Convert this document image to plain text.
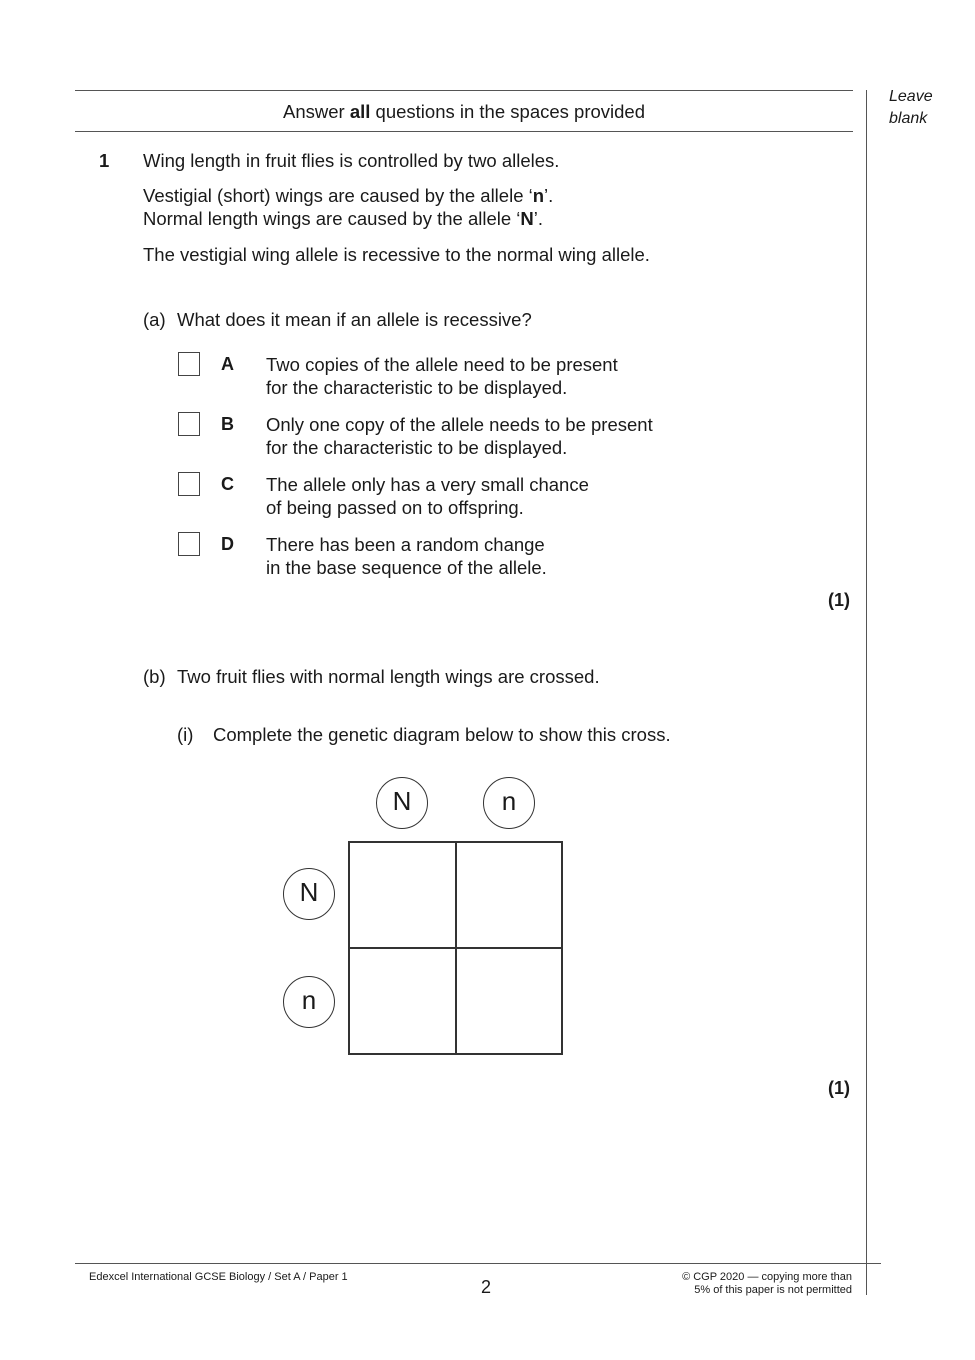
Answer all questions in the spaces provided
Leave
blank
1 Wing length in fruit flies is controlled by two alleles.
Vestigial (short) wings are caused by the allele ‘n’.
Normal length wings are caused by the allele ‘N’.
The vestigial wing allele is recessive to the normal wing allele.
(a) What does it mean if an allele is recessive?
A Two copies of the allele need to be present
for the characteristic to be displayed.
B Only one copy of the allele needs to be present
for the characteristic to be displayed.
C The allele only has a very small chance
of being passed on to offspring.
D There has been a random change
in the base sequence of the allele.
(1)
(b) Two fruit flies with normal length wings are crossed.
(i) Complete the genetic diagram below to show this cross.
N	n
N
n
(1)
Edexcel International GCSE Biology / Set A / Paper 1	2	© CGP 2020 — copying more than
5% of this paper is not permitted
